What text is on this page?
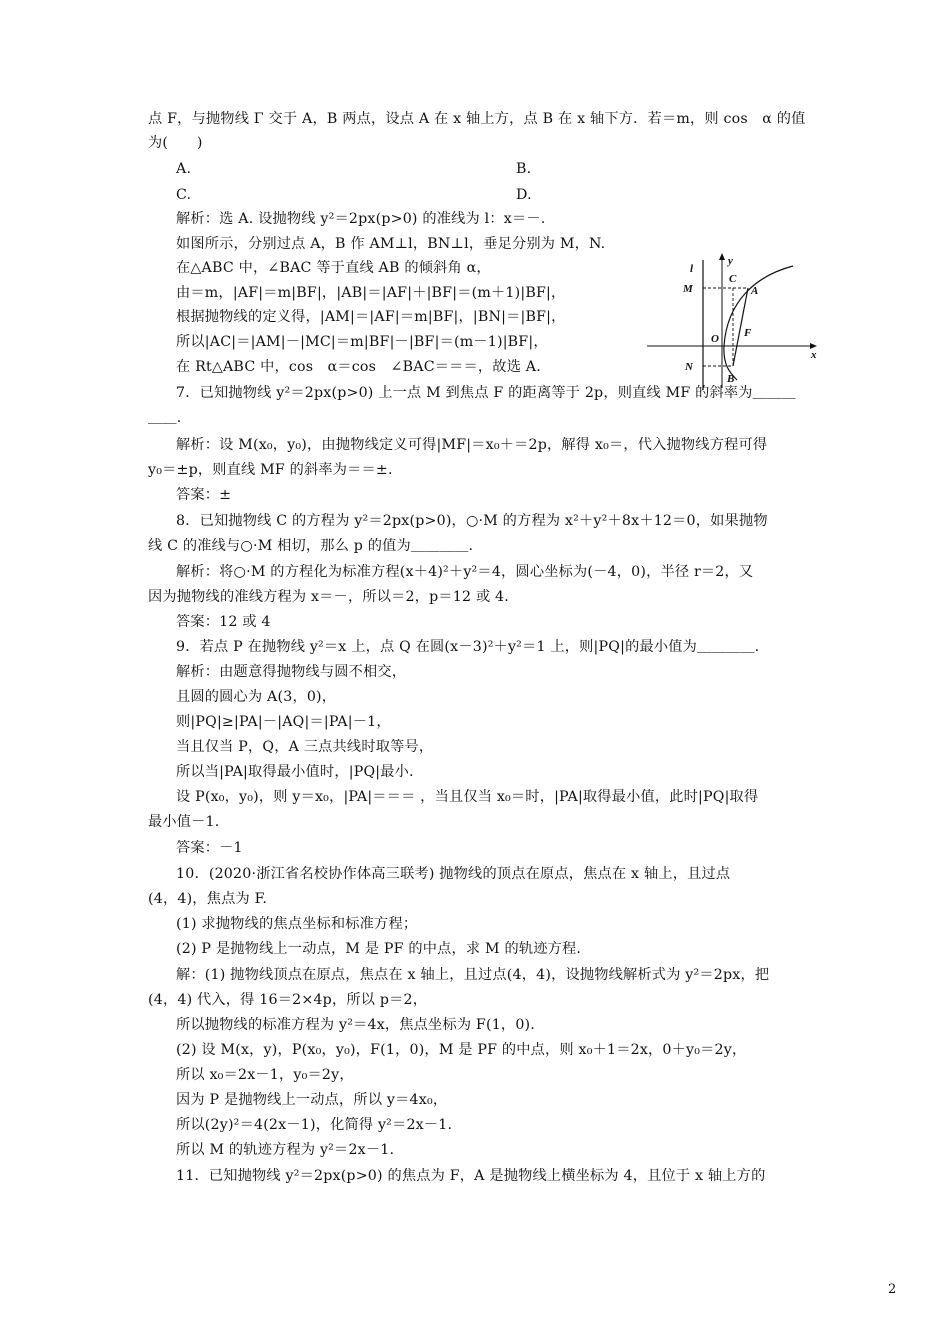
点 F，与抛物线 Γ 交于 A，B 两点，设点 A 在 x 轴上方，点 B 在 x 轴下方．若＝m，则 cos　α 的值
为(　　)
A.	B.
C.	D.
解析：选 A. 设抛物线 y²＝2px(p>0) 的准线为 l：x＝－.
如图所示，分别过点 A，B 作 AM⊥l，BN⊥l，垂足分别为 M，N.
在△ABC 中，∠BAC 等于直线 AB 的倾斜角 α，
由＝m，|AF|＝m|BF|，|AB|＝|AF|＋|BF|＝(m＋1)|BF|，
根据抛物线的定义得，|AM|＝|AF|＝m|BF|，|BN|＝|BF|，
所以|AC|＝|AM|－|MC|＝m|BF|－|BF|＝(m－1)|BF|，
在 Rt△ABC 中，cos　α＝cos　∠BAC＝＝＝，故选 A.
7．已知抛物线 y²＝2px(p>0) 上一点 M 到焦点 F 的距离等于 2p，则直线 MF 的斜率为＿＿＿
＿＿.
解析：设 M(x₀，y₀)，由抛物线定义可得|MF|＝x₀＋＝2p，解得 x₀＝，代入抛物线方程可得
y₀＝±p，则直线 MF 的斜率为＝＝±.
答案：±
8．已知抛物线 C 的方程为 y²＝2px(p>0)，○·M 的方程为 x²＋y²＋8x＋12＝0，如果抛物
线 C 的准线与○·M 相切，那么 p 的值为＿＿＿＿.
解析：将○·M 的方程化为标准方程(x＋4)²＋y²＝4，圆心坐标为(－4，0)，半径 r＝2，又
因为抛物线的准线方程为 x＝－，所以＝2，p＝12 或 4.
答案：12 或 4
9．若点 P 在抛物线 y²＝x 上，点 Q 在圆(x－3)²＋y²＝1 上，则|PQ|的最小值为＿＿＿＿.
解析：由题意得抛物线与圆不相交，
且圆的圆心为 A(3，0)，
则|PQ|≥|PA|－|AQ|＝|PA|－1，
当且仅当 P，Q，A 三点共线时取等号，
所以当|PA|取得最小值时，|PQ|最小.
设 P(x₀，y₀)，则 y＝x₀，|PA|＝＝＝ ，当且仅当 x₀＝时，|PA|取得最小值，此时|PQ|取得
最小值－1.
答案：－1
10．(2020·浙江省名校协作体高三联考) 抛物线的顶点在原点，焦点在 x 轴上，且过点
(4，4)，焦点为 F.
(1) 求抛物线的焦点坐标和标准方程；
(2) P 是抛物线上一动点，M 是 PF 的中点，求 M 的轨迹方程.
解：(1) 抛物线顶点在原点，焦点在 x 轴上，且过点(4，4)，设抛物线解析式为 y²＝2px，把
(4，4) 代入，得 16＝2×4p，所以 p＝2，
所以抛物线的标准方程为 y²＝4x，焦点坐标为 F(1，0).
(2) 设 M(x，y)，P(x₀，y₀)，F(1，0)，M 是 PF 的中点，则 x₀＋1＝2x，0＋y₀＝2y，
所以 x₀＝2x－1，y₀＝2y，
因为 P 是抛物线上一动点，所以 y＝4x₀，
所以(2y)²＝4(2x－1)，化简得 y²＝2x－1.
所以 M 的轨迹方程为 y²＝2x－1.
11．已知抛物线 y²＝2px(p>0) 的焦点为 F，A 是抛物线上横坐标为 4，且位于 x 轴上方的
l
y
x
C
M	A
F
O
N
B
2
